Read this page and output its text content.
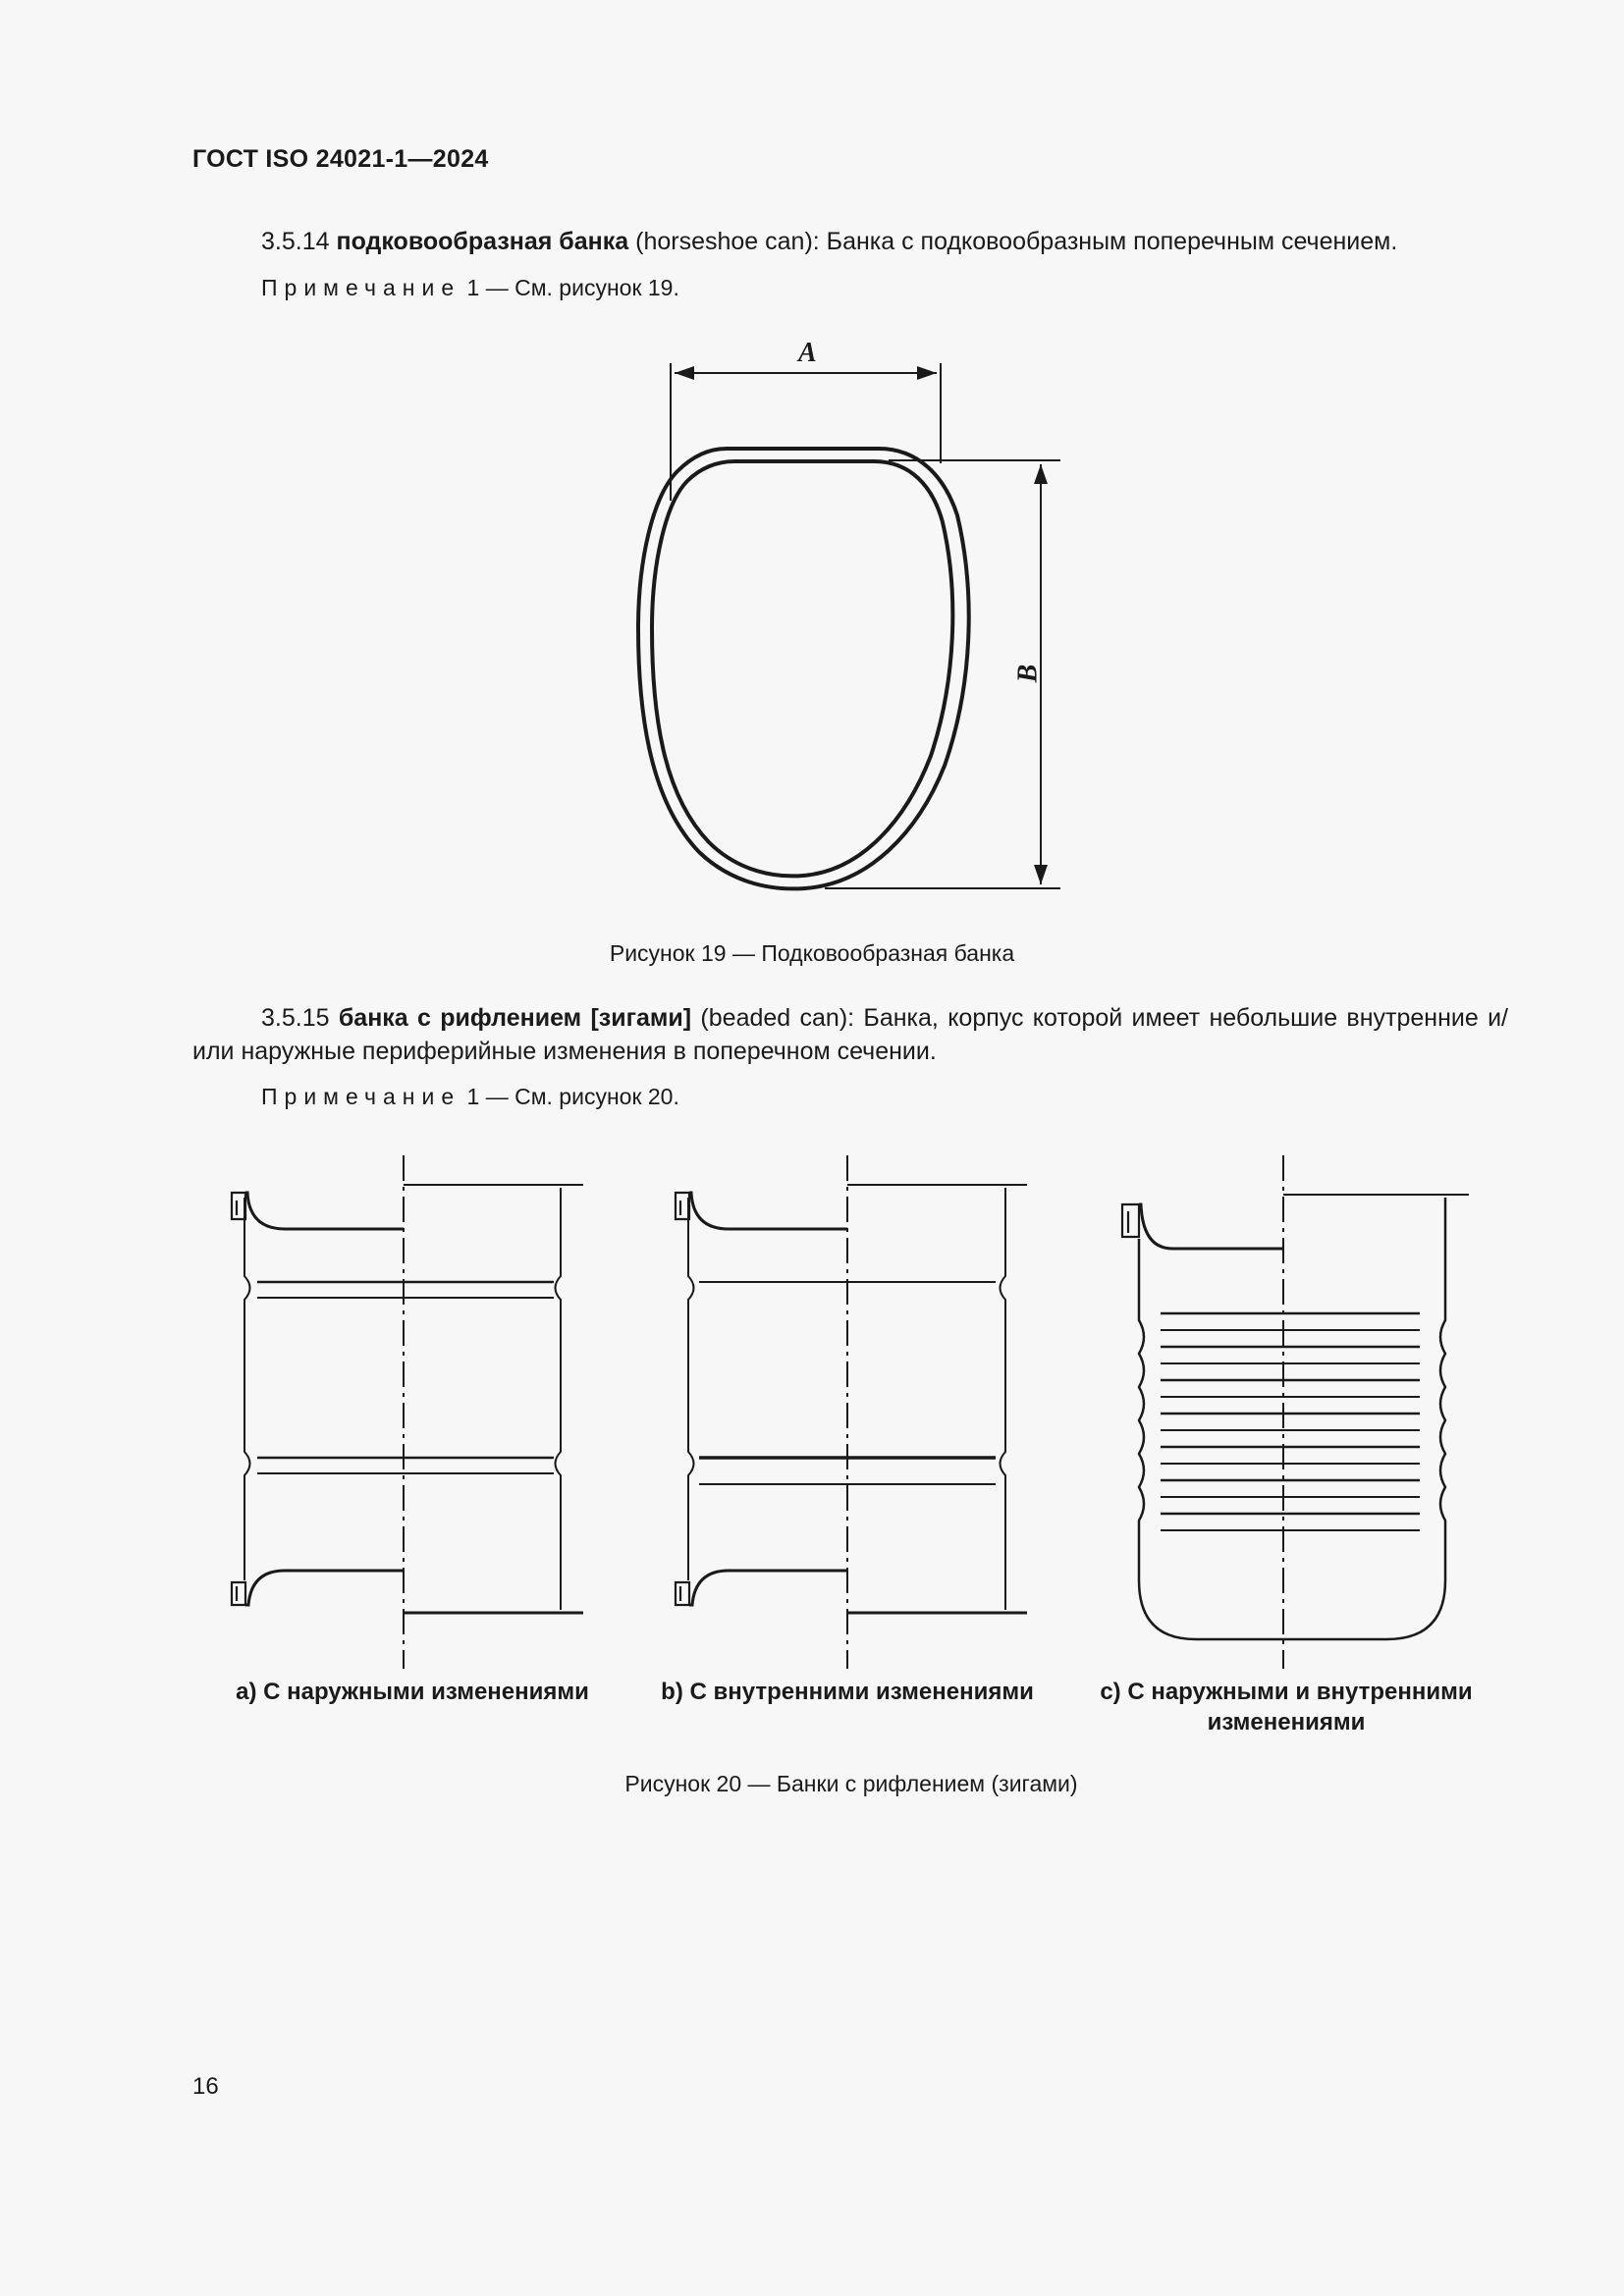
ГОСТ ISO 24021-1—2024
3.5.14 подковообразная банка (horseshoe can): Банка с подковообразным поперечным сечением.
Примечание 1 — См. рисунок 19.
A
B
Рисунок 19 — Подковообразная банка
3.5.15 банка с рифлением [зигами] (beaded can): Банка, корпус которой имеет небольшие внутренние и/или наружные периферийные изменения в поперечном сечении.
Примечание 1 — См. рисунок 20.
a) С наружными изменениями	b) С внутренними изменениями	c) С наружными и внутренними
изменениями
Рисунок 20 — Банки с рифлением (зигами)
16
